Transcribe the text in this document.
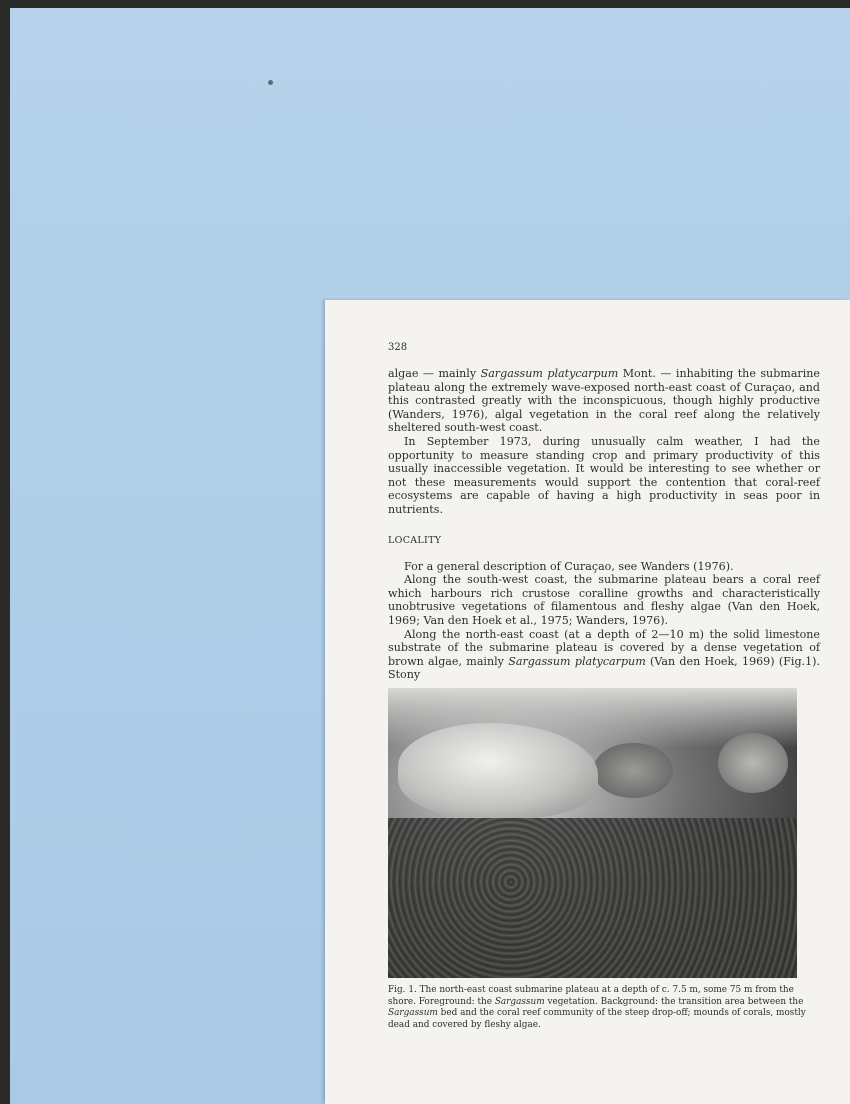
328

algae — mainly Sargassum platycarpum Mont. — inhabiting the submarine plateau along the extremely wave-exposed north-east coast of Curaçao, and this contrasted greatly with the inconspicuous, though highly productive (Wanders, 1976), algal vegetation in the coral reef along the relatively sheltered south-west coast.

In September 1973, during unusually calm weather, I had the opportunity to measure standing crop and primary productivity of this usually inaccessible vegetation. It would be interesting to see whether or not these measurements would support the contention that coral-reef ecosystems are capable of having a high productivity in seas poor in nutrients.

LOCALITY

For a general description of Curaçao, see Wanders (1976).

Along the south-west coast, the submarine plateau bears a coral reef which harbours rich crustose coralline growths and characteristically unobtrusive vegetations of filamentous and fleshy algae (Van den Hoek, 1969; Van den Hoek et al., 1975; Wanders, 1976).

Along the north-east coast (at a depth of 2—10 m) the solid limestone substrate of the submarine plateau is covered by a dense vegetation of brown algae, mainly Sargassum platycarpum (Van den Hoek, 1969) (Fig.1). Stony

Fig. 1. The north-east coast submarine plateau at a depth of c. 7.5 m, some 75 m from the shore. Foreground: the Sargassum vegetation. Background: the transition area between the Sargassum bed and the coral reef community of the steep drop-off; mounds of corals, mostly dead and covered by fleshy algae.
